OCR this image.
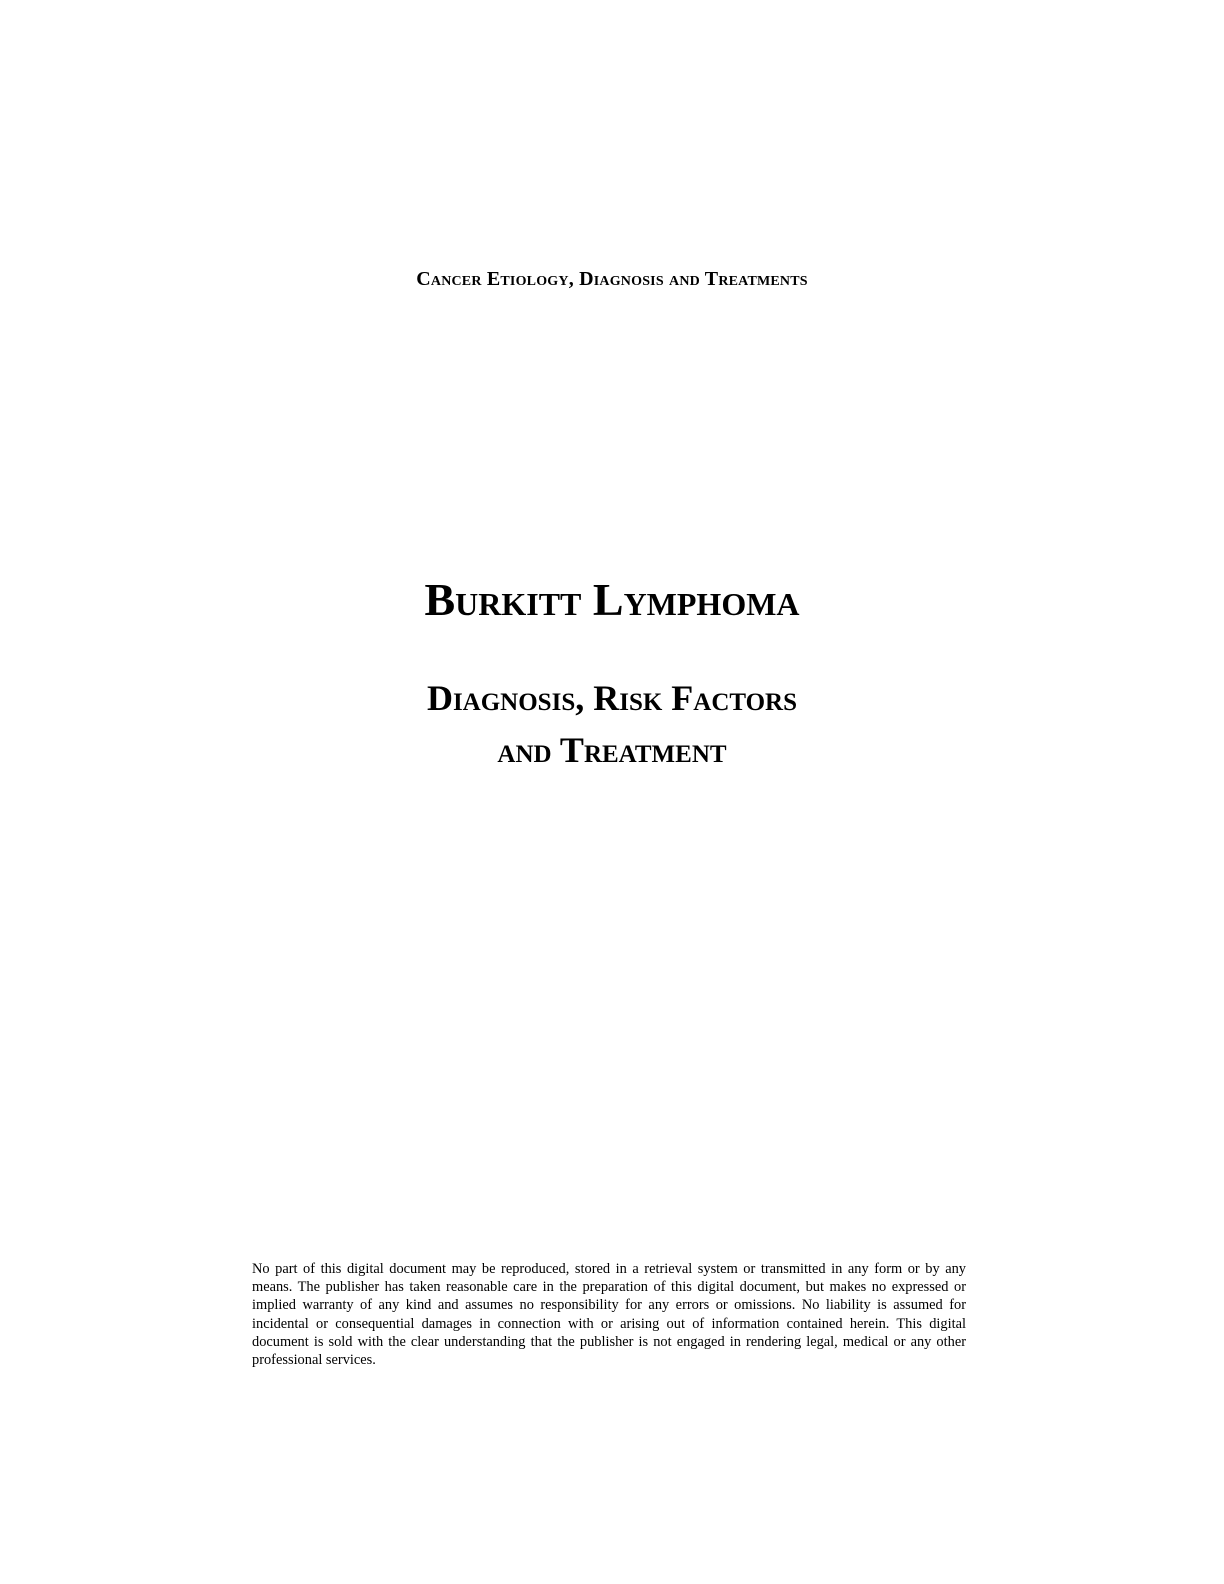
Cancer Etiology, Diagnosis and Treatments
Burkitt Lymphoma
Diagnosis, Risk Factors
and Treatment

No part of this digital document may be reproduced, stored in a retrieval system or transmitted in any form or by any means. The publisher has taken reasonable care in the preparation of this digital document, but makes no expressed or implied warranty of any kind and assumes no responsibility for any errors or omissions. No liability is assumed for incidental or consequential damages in connection with or arising out of information contained herein. This digital document is sold with the clear understanding that the publisher is not engaged in rendering legal, medical or any other professional services.
